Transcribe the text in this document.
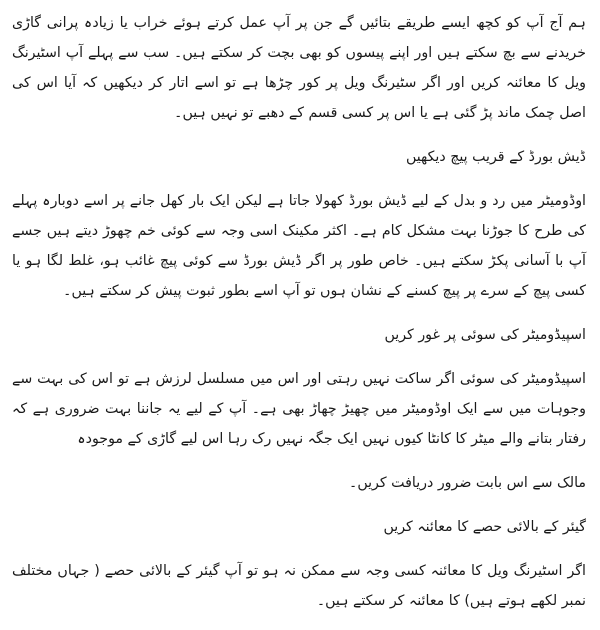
ہم آج آپ کو کچھ ایسے طریقے بتائیں گے جن پر آپ عمل کرتے ہوئے خراب یا زیادہ پرانی گاڑی خریدنے سے بچ سکتے ہیں اور اپنے پیسوں کو بھی بچت کر سکتے ہیں۔ سب سے پہلے آپ اسٹیرنگ ویل کا معائنہ کریں اور اگر سٹیرنگ ویل پر کور چڑھا ہے تو اسے اتار کر دیکھیں کہ آیا اس کی اصل چمک ماند پڑ گئی ہے یا اس پر کسی قسم کے دھبے تو نہیں ہیں۔

ڈیش بورڈ کے قریب پیچ دیکھیں

اوڈومیٹر میں رد و بدل کے لیے ڈیش بورڈ کھولا جاتا ہے لیکن ایک بار کھل جانے پر اسے دوبارہ پہلے کی طرح کا جوڑنا بہت مشکل کام ہے۔ اکثر مکینک اسی وجہ سے کوئی خم چھوڑ دیتے ہیں جسے آپ با آسانی پکڑ سکتے ہیں۔ خاص طور پر اگر ڈیش بورڈ سے کوئی پیچ غائب ہو، غلط لگا ہو یا کسی پیچ کے سرے پر پیچ کسنے کے نشان ہوں تو آپ اسے بطور ثبوت پیش کر سکتے ہیں۔

اسپیڈومیٹر کی سوئی پر غور کریں

اسپیڈومیٹر کی سوئی اگر ساکت نہیں رہتی اور اس میں مسلسل لرزش ہے تو اس کی بہت سے وجوہات میں سے ایک اوڈومیٹر میں چھیڑ چھاڑ بھی ہے۔ آپ کے لیے یہ جاننا بہت ضروری ہے کہ رفتار بتانے والے میٹر کا کانٹا کیوں نہیں ایک جگہ نہیں رک رہا اس لیے گاڑی کے موجودہ

مالک سے اس بابت ضرور دریافت کریں۔

گیئر کے بالائی حصے کا معائنہ کریں

اگر اسٹیرنگ ویل کا معائنہ کسی وجہ سے ممکن نہ ہو تو آپ گیئر کے بالائی حصے ( جہاں مختلف نمبر لکھے ہوتے ہیں) کا معائنہ کر سکتے ہیں۔
